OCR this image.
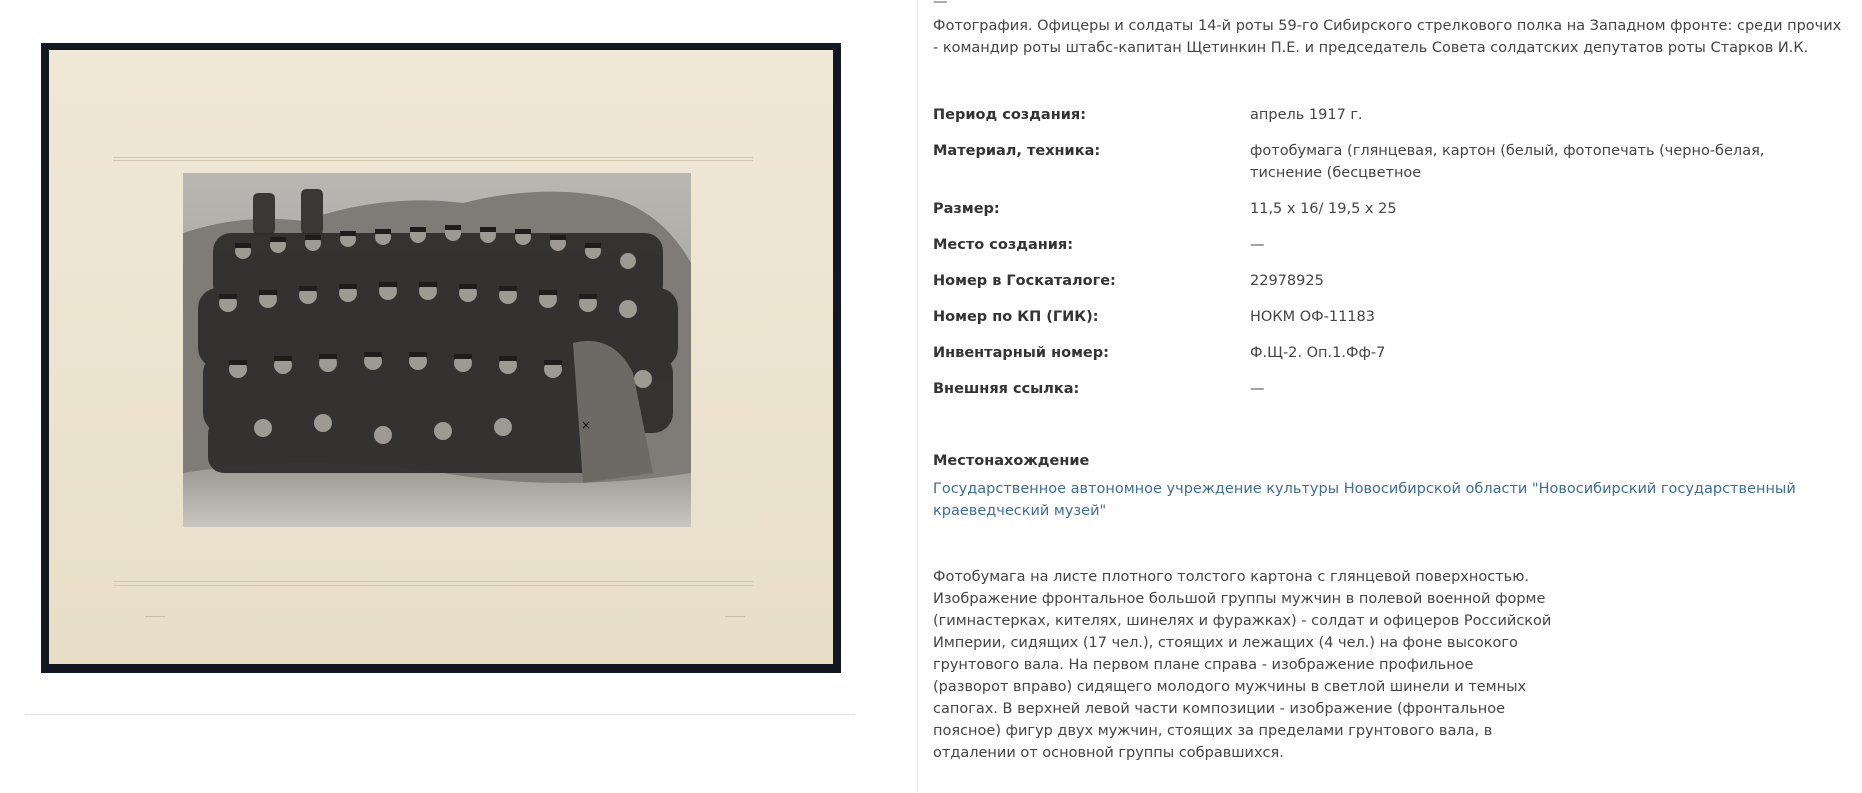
×
—
Фотография. Офицеры и солдаты 14-й роты 59-го Сибирского стрелкового полка на Западном фронте: среди прочих - командир роты штабс-капитан Щетинкин П.Е. и председатель Совета солдатских депутатов роты Старков И.К.
Период создания:	апрель 1917 г.
Материал, техника:	фотобумага (глянцевая, картон (белый, фотопечать (черно-белая, тиснение (бесцветное
Размер:	11,5 х 16/ 19,5 х 25
Место создания:	—
Номер в Госкаталоге:	22978925
Номер по КП (ГИК):	НОКМ ОФ-11183
Инвентарный номер:	Ф.Щ-2. Оп.1.Фф-7
Внешняя ссылка:	—
Местонахождение
Государственное автономное учреждение культуры Новосибирской области "Новосибирский государственный краеведческий музей"
Фотобумага на листе плотного толстого картона с глянцевой поверхностью. Изображение фронтальное большой группы мужчин в полевой военной форме (гимнастерках, кителях, шинелях и фуражках) - солдат и офицеров Российской Империи, сидящих (17 чел.), стоящих и лежащих (4 чел.) на фоне высокого грунтового вала. На первом плане справа - изображение профильное (разворот вправо) сидящего молодого мужчины в светлой шинели и темных сапогах. В верхней левой части композиции - изображение (фронтальное поясное) фигур двух мужчин, стоящих за пределами грунтового вала, в отдалении от основной группы собравшихся.
